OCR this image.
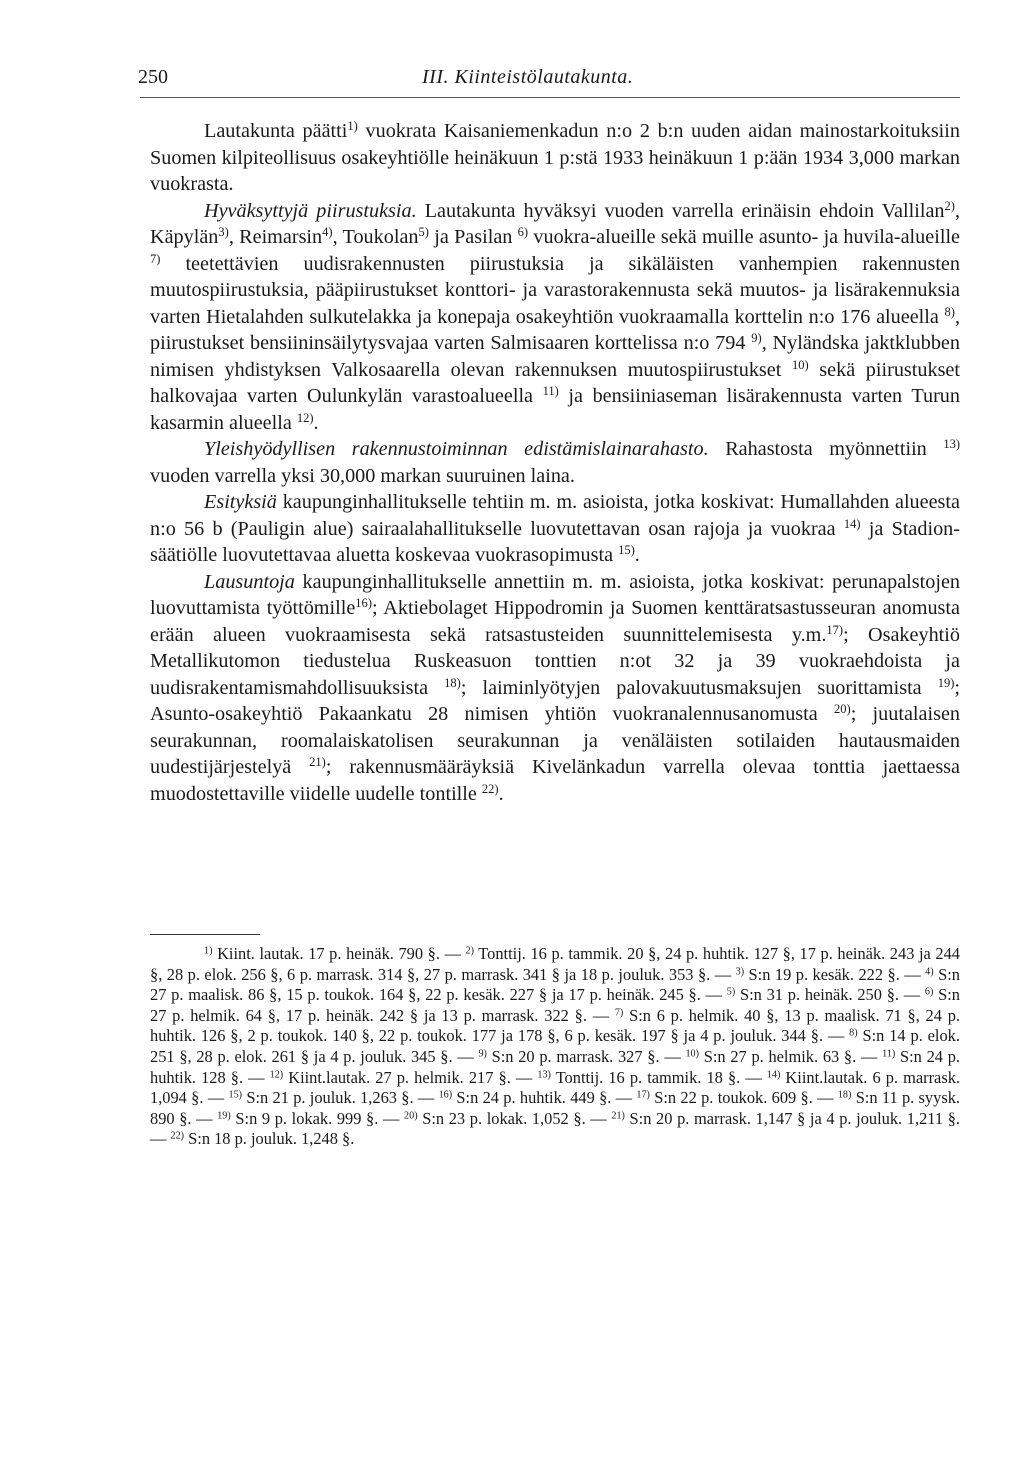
250	III. Kiinteistölautakunta.

Lautakunta päätti$^{1)}$ vuokrata Kaisaniemenkadun n:o 2 b:n uuden aidan mainostarkoituksiin Suomen kilpiteollisuus osakeyhtiölle heinäkuun 1 p:stä 1933 heinäkuun 1 p:ään 1934 3,000 markan vuokrasta.

Hyväksyttyjä piirustuksia. Lautakunta hyväksyi vuoden varrella erinäisin ehdoin Vallilan$^{2)}$, Käpylän$^{3)}$, Reimarsin$^{4)}$, Toukolan$^{5)}$ ja Pasilan $^{6)}$ vuokra-alueille sekä muille asunto- ja huvila-alueille $^{7)}$ teetettävien uudisrakennusten piirustuksia ja sikäläisten vanhempien rakennusten muutospiirustuksia, pääpiirustukset konttori- ja varastorakennusta sekä muutos- ja lisärakennuksia varten Hietalahden sulkutelakka ja konepaja osakeyhtiön vuokraamalla korttelin n:o 176 alueella $^{8)}$, piirustukset bensiininsäilytysvajaa varten Salmisaaren korttelissa n:o 794 $^{9)}$, Nyländska jaktklubben nimisen yhdistyksen Valkosaarella olevan rakennuksen muutospiirustukset $^{10)}$ sekä piirustukset halkovajaa varten Oulunkylän varastoalueella $^{11)}$ ja bensiiniaseman lisärakennusta varten Turun kasarmin alueella $^{12)}$.

Yleishyödyllisen rakennustoiminnan edistämislainarahasto. Rahastosta myönnettiin $^{13)}$ vuoden varrella yksi 30,000 markan suuruinen laina.

Esityksiä kaupunginhallitukselle tehtiin m. m. asioista, jotka koskivat: Humallahden alueesta n:o 56 b (Pauligin alue) sairaalahallitukselle luovutettavan osan rajoja ja vuokraa $^{14)}$ ja Stadion-säätiölle luovutettavaa aluetta koskevaa vuokrasopimusta $^{15)}$.

Lausuntoja kaupunginhallitukselle annettiin m. m. asioista, jotka koskivat: perunapalstojen luovuttamista työttömille$^{16)}$; Aktiebolaget Hippodromin ja Suomen kenttäratsastusseuran anomusta erään alueen vuokraamisesta sekä ratsastusteiden suunnittelemisesta y.m.$^{17)}$; Osakeyhtiö Metallikutomon tiedustelua Ruskeasuon tonttien n:ot 32 ja 39 vuokraehdoista ja uudisrakentamismahdollisuuksista $^{18)}$; laiminlyötyjen palovakuutusmaksujen suorittamista $^{19)}$; Asunto-osakeyhtiö Pakaankatu 28 nimisen yhtiön vuokranalennusanomusta $^{20)}$; juutalaisen seurakunnan, roomalaiskatolisen seurakunnan ja venäläisten sotilaiden hautausmaiden uudestijärjestelyä $^{21)}$; rakennusmääräyksiä Kivelänkadun varrella olevaa tonttia jaettaessa muodostettaville viidelle uudelle tontille $^{22)}$.

$^{1)}$ Kiint. lautak. 17 p. heinäk. 790 §. — $^{2)}$ Tonttij. 16 p. tammik. 20 §, 24 p. huhtik. 127 §, 17 p. heinäk. 243 ja 244 §, 28 p. elok. 256 §, 6 p. marrask. 314 §, 27 p. marrask. 341 § ja 18 p. jouluk. 353 §. — $^{3)}$ S:n 19 p. kesäk. 222 §. — $^{4)}$ S:n 27 p. maalisk. 86 §, 15 p. toukok. 164 §, 22 p. kesäk. 227 § ja 17 p. heinäk. 245 §. — $^{5)}$ S:n 31 p. heinäk. 250 §. — $^{6)}$ S:n 27 p. helmik. 64 §, 17 p. heinäk. 242 § ja 13 p. marrask. 322 §. — $^{7)}$ S:n 6 p. helmik. 40 §, 13 p. maalisk. 71 §, 24 p. huhtik. 126 §, 2 p. toukok. 140 §, 22 p. toukok. 177 ja 178 §, 6 p. kesäk. 197 § ja 4 p. jouluk. 344 §. — $^{8)}$ S:n 14 p. elok. 251 §, 28 p. elok. 261 § ja 4 p. jouluk. 345 §. — $^{9)}$ S:n 20 p. marrask. 327 §. — $^{10)}$ S:n 27 p. helmik. 63 §. — $^{11)}$ S:n 24 p. huhtik. 128 §. — $^{12)}$ Kiint.lautak. 27 p. helmik. 217 §. — $^{13)}$ Tonttij. 16 p. tammik. 18 §. — $^{14)}$ Kiint.lautak. 6 p. marrask. 1,094 §. — $^{15)}$ S:n 21 p. jouluk. 1,263 §. — $^{16)}$ S:n 24 p. huhtik. 449 §. — $^{17)}$ S:n 22 p. toukok. 609 §. — $^{18)}$ S:n 11 p. syysk. 890 §. — $^{19)}$ S:n 9 p. lokak. 999 §. — $^{20)}$ S:n 23 p. lokak. 1,052 §. — $^{21)}$ S:n 20 p. marrask. 1,147 § ja 4 p. jouluk. 1,211 §. — $^{22)}$ S:n 18 p. jouluk. 1,248 §.
